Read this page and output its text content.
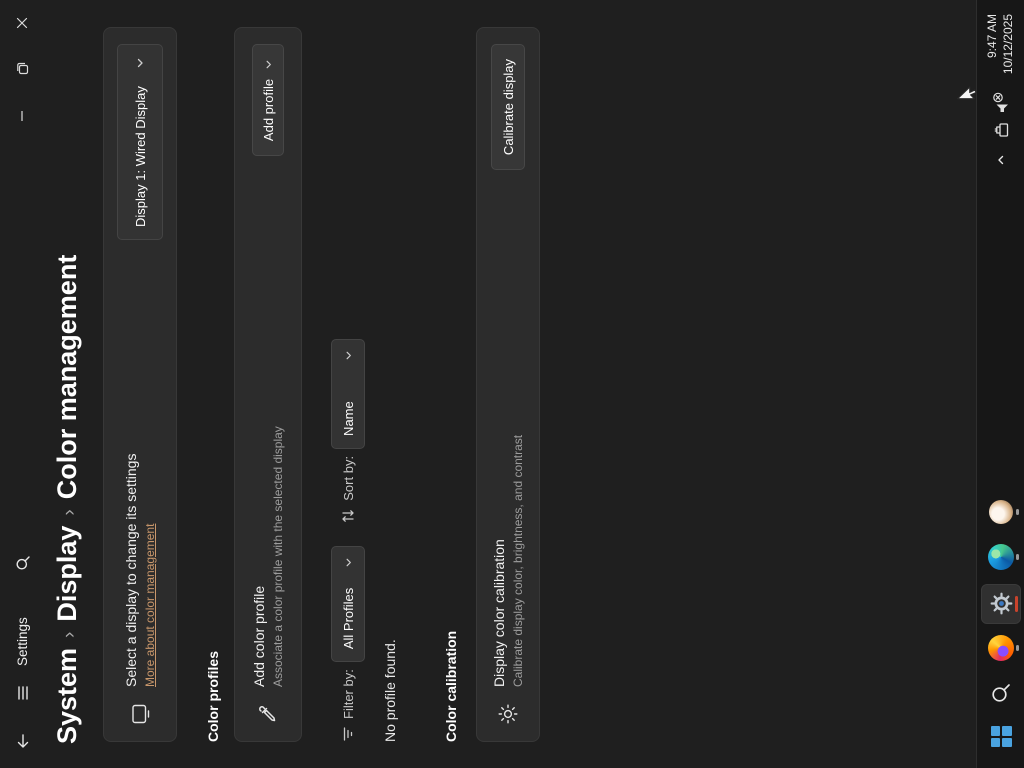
Settings
System
›
Display
›
Color management
Select a display to change its settings More about color management
Display 1: Wired Display
Color profiles
Add color profile Associate a color profile with the selected display
Add profile
Filter by:
All Profiles
Sort by:
Name
No profile found.	Color calibration Display color calibration Calibrate display color, brightness, and contrast
Calibrate display
9:47 AM 10/12/2025
